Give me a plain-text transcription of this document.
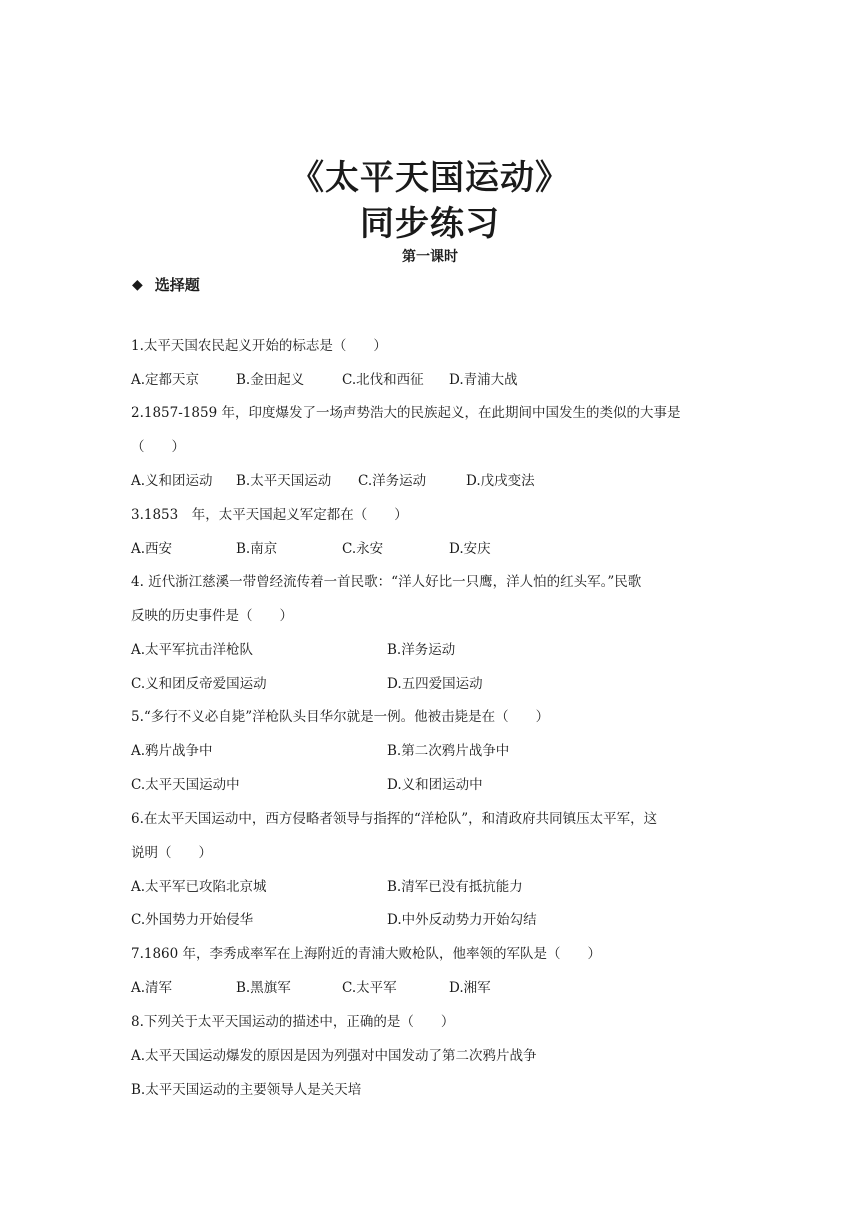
《太平天国运动》
同步练习

第一课时

◆ 选择题
1.太平天国农民起义开始的标志是（　　）
A.定都天京	B.金田起义	C.北伐和西征 D.青浦大战
2.1857-1859 年，印度爆发了一场声势浩大的民族起义，在此期间中国发生的类似的大事是
（　　）
A.义和团运动 B.太平天国运动 C.洋务运动	D.戊戌变法
3.1853　年，太平天国起义军定都在（　　）
A.西安	B.南京	C.永安	D.安庆
4. 近代浙江慈溪一带曾经流传着一首民歌：“洋人好比一只鹰，洋人怕的红头军。”民歌
反映的历史事件是（　　）
A.太平军抗击洋枪队	B.洋务运动
C.义和团反帝爱国运动	D.五四爱国运动
5.“多行不义必自毙”洋枪队头目华尔就是一例。他被击毙是在（　　）
A.鸦片战争中	B.第二次鸦片战争中
C.太平天国运动中	D.义和团运动中
6.在太平天国运动中，西方侵略者领导与指挥的“洋枪队”，和清政府共同镇压太平军，这
说明（　　）
A.太平军已攻陷北京城	B.清军已没有抵抗能力
C.外国势力开始侵华	D.中外反动势力开始勾结
7.1860 年，李秀成率军在上海附近的青浦大败枪队，他率领的军队是（　　）
A.清军	B.黑旗军	C.太平军	D.湘军
8.下列关于太平天国运动的描述中，正确的是（　　）
A.太平天国运动爆发的原因是因为列强对中国发动了第二次鸦片战争
B.太平天国运动的主要领导人是关天培
